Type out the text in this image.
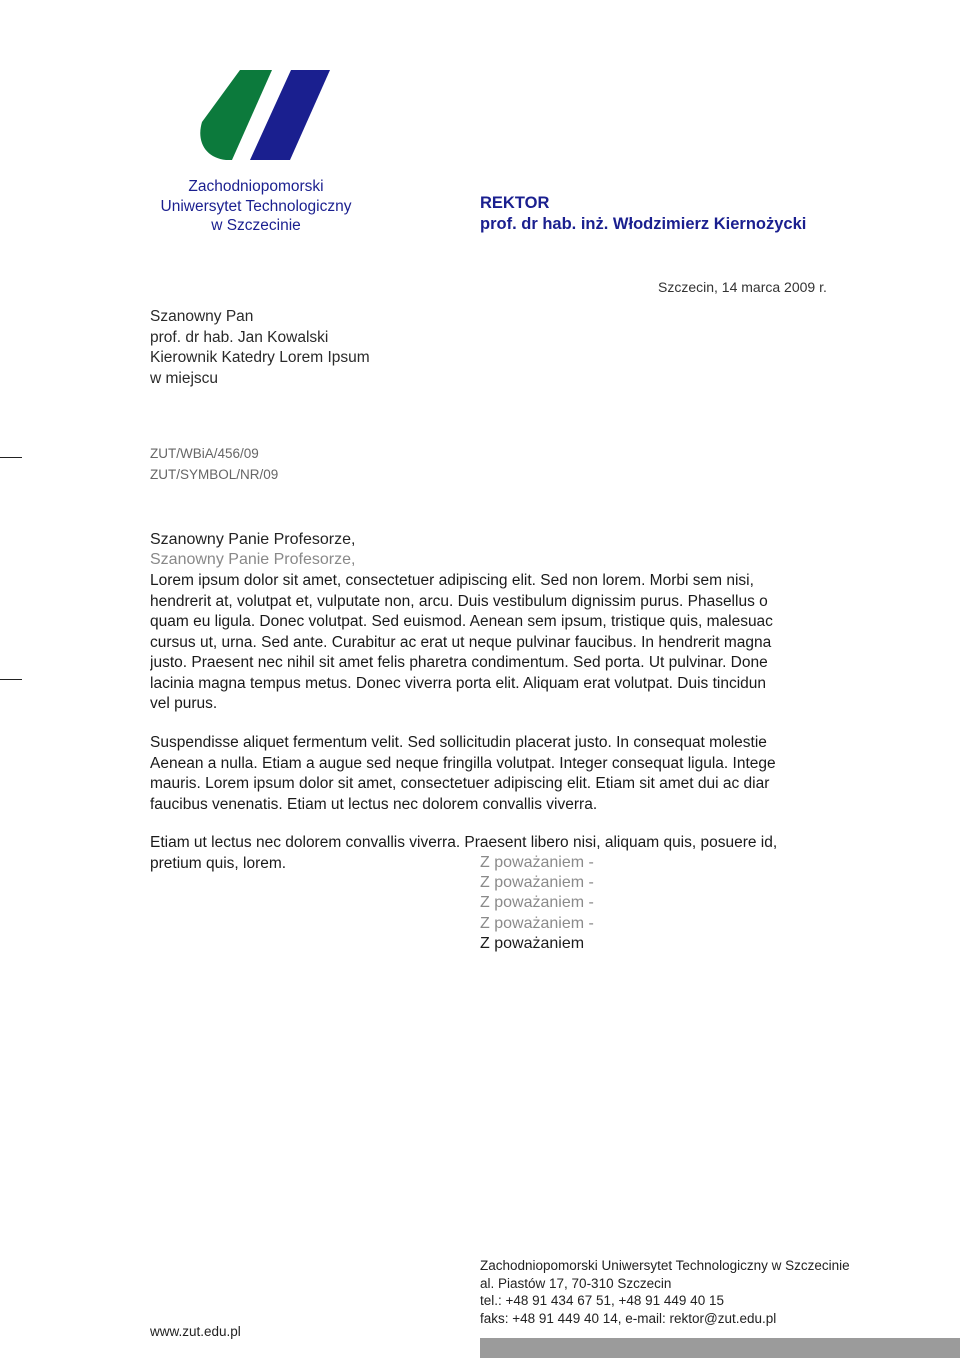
Zachodniopomorski
Uniwersytet Technologiczny
w Szczecinie
REKTOR
prof. dr hab. inż. Włodzimierz Kiernożycki
Szczecin, 14 marca 2009 r.
Szanowny Pan
prof. dr hab. Jan Kowalski
Kierownik Katedry Lorem Ipsum
w miejscu
ZUT/WBiA/456/09
ZUT/SYMBOL/NR/09
Szanowny Panie Profesorze,
Szanowny Panie Profesorze,
Lorem ipsum dolor sit amet, consectetuer adipiscing elit. Sed non lorem. Morbi sem nisi,
hendrerit at, volutpat et, vulputate non, arcu. Duis vestibulum dignissim purus. Phasellus o
quam eu ligula. Donec volutpat. Sed euismod. Aenean sem ipsum, tristique quis, malesuac
cursus ut, urna. Sed ante. Curabitur ac erat ut neque pulvinar faucibus. In hendrerit magna
justo. Praesent nec nihil sit amet felis pharetra condimentum. Sed porta. Ut pulvinar. Done
lacinia magna tempus metus. Donec viverra porta elit. Aliquam erat volutpat. Duis tincidun
vel purus.
Suspendisse aliquet fermentum velit. Sed sollicitudin placerat justo. In consequat molestie
Aenean a nulla. Etiam a augue sed neque fringilla volutpat. Integer consequat ligula. Intege
mauris. Lorem ipsum dolor sit amet, consectetuer adipiscing elit. Etiam sit amet dui ac diar
faucibus venenatis. Etiam ut lectus nec dolorem convallis viverra.
Etiam ut lectus nec dolorem convallis viverra. Praesent libero nisi, aliquam quis, posuere id,
pretium quis, lorem.	Z poważaniem -
Z poważaniem -
Z poważaniem -
Z poważaniem -
Z poważaniem
www.zut.edu.pl
Zachodniopomorski Uniwersytet Technologiczny w Szczecinie
al. Piastów 17, 70-310 Szczecin
tel.: +48 91 434 67 51, +48 91 449 40 15
faks: +48 91 449 40 14, e-mail: rektor@zut.edu.pl
